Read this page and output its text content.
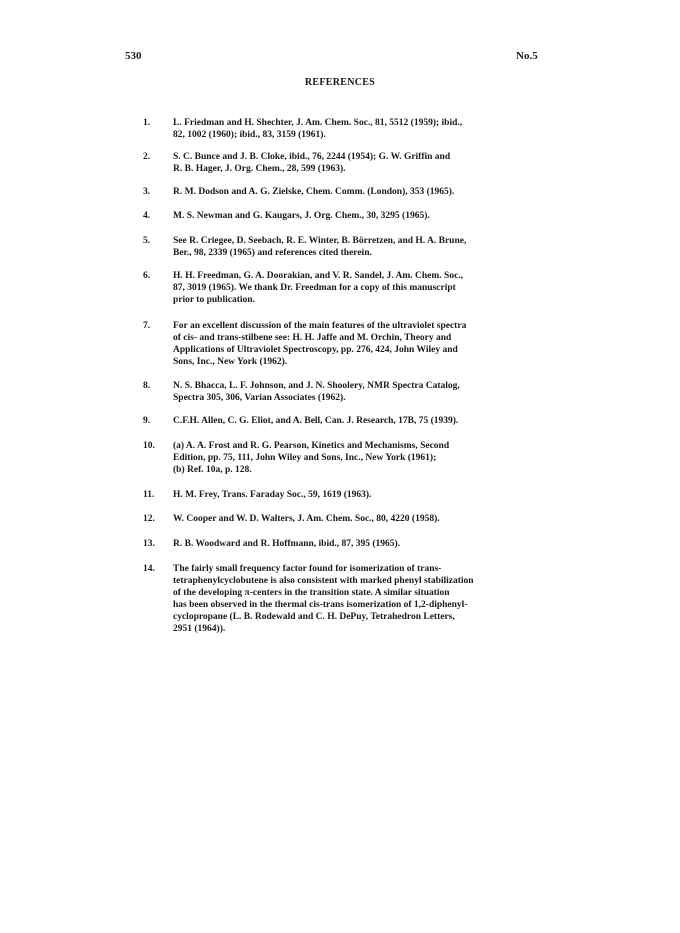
530	No.5
REFERENCES
1. L. Friedman and H. Shechter, J. Am. Chem. Soc., 81, 5512 (1959); ibid.,
82, 1002 (1960); ibid., 83, 3159 (1961).
2. S. C. Bunce and J. B. Cloke, ibid., 76, 2244 (1954); G. W. Griffin and
R. B. Hager, J. Org. Chem., 28, 599 (1963).
3. R. M. Dodson and A. G. Zielske, Chem. Comm. (London), 353 (1965).
4. M. S. Newman and G. Kaugars, J. Org. Chem., 30, 3295 (1965).
5. See R. Criegee, D. Seebach, R. E. Winter, B. Börretzen, and H. A. Brune,
Ber., 98, 2339 (1965) and references cited therein.
6. H. H. Freedman, G. A. Doorakian, and V. R. Sandel, J. Am. Chem. Soc.,
87, 3019 (1965). We thank Dr. Freedman for a copy of this manuscript
prior to publication.
7. For an excellent discussion of the main features of the ultraviolet spectra
of cis- and trans-stilbene see: H. H. Jaffe and M. Orchin, Theory and
Applications of Ultraviolet Spectroscopy, pp. 276, 424, John Wiley and
Sons, Inc., New York (1962).
8. N. S. Bhacca, L. F. Johnson, and J. N. Shoolery, NMR Spectra Catalog,
Spectra 305, 306, Varian Associates (1962).
9. C.F.H. Allen, C. G. Eliot, and A. Bell, Can. J. Research, 17B, 75 (1939).
10. (a) A. A. Frost and R. G. Pearson, Kinetics and Mechanisms, Second
Edition, pp. 75, 111, John Wiley and Sons, Inc., New York (1961);
(b) Ref. 10a, p. 128.
11. H. M. Frey, Trans. Faraday Soc., 59, 1619 (1963).
12. W. Cooper and W. D. Walters, J. Am. Chem. Soc., 80, 4220 (1958).
13. R. B. Woodward and R. Hoffmann, ibid., 87, 395 (1965).
14. The fairly small frequency factor found for isomerization of trans-
tetraphenylcyclobutene is also consistent with marked phenyl stabilization
of the developing π-centers in the transition state. A similar situation
has been observed in the thermal cis-trans isomerization of 1,2-diphenyl-
cyclopropane (L. B. Rodewald and C. H. DePuy, Tetrahedron Letters,
2951 (1964)).
